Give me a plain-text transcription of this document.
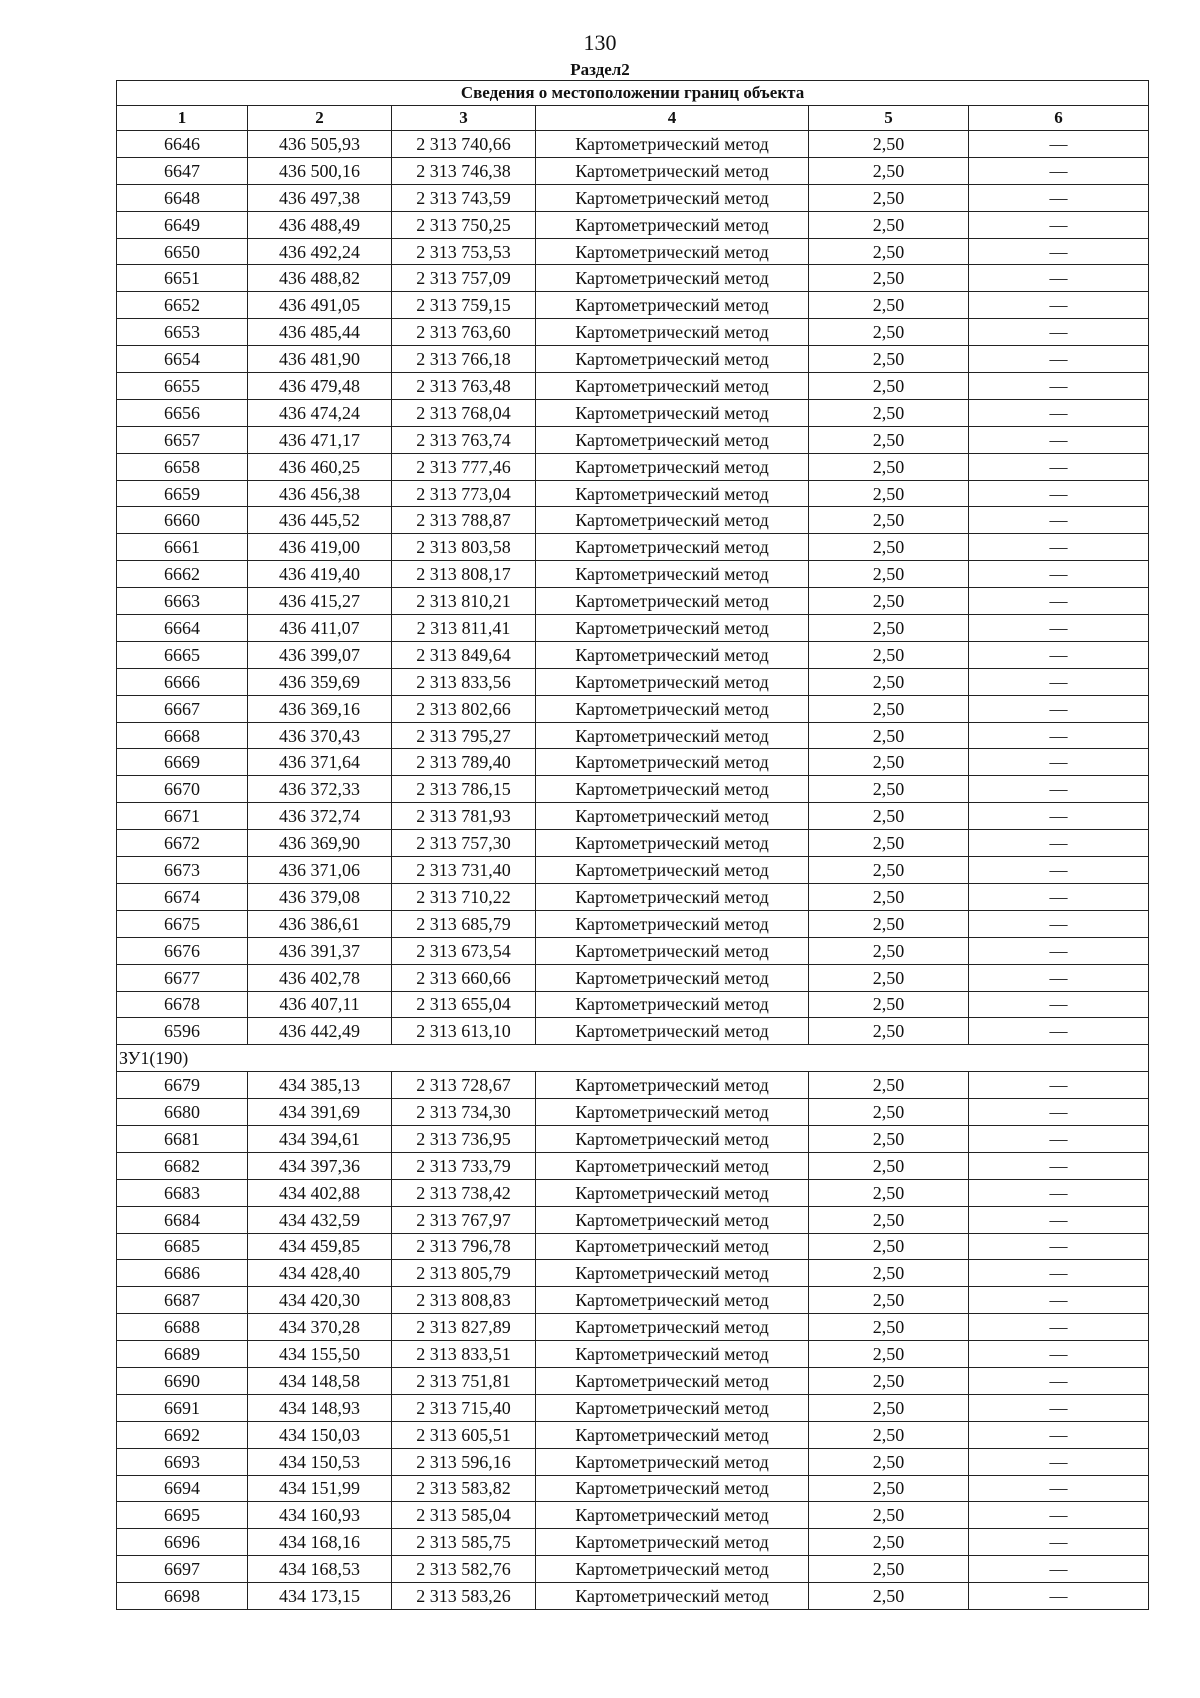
130
Раздел2
Сведения о местоположении границ объекта					
1	2	3	4	5	6
6646	436 505,93	2 313 740,66	Картометрический метод	2,50	—
6647	436 500,16	2 313 746,38	Картометрический метод	2,50	—
6648	436 497,38	2 313 743,59	Картометрический метод	2,50	—
6649	436 488,49	2 313 750,25	Картометрический метод	2,50	—
6650	436 492,24	2 313 753,53	Картометрический метод	2,50	—
6651	436 488,82	2 313 757,09	Картометрический метод	2,50	—
6652	436 491,05	2 313 759,15	Картометрический метод	2,50	—
6653	436 485,44	2 313 763,60	Картометрический метод	2,50	—
6654	436 481,90	2 313 766,18	Картометрический метод	2,50	—
6655	436 479,48	2 313 763,48	Картометрический метод	2,50	—
6656	436 474,24	2 313 768,04	Картометрический метод	2,50	—
6657	436 471,17	2 313 763,74	Картометрический метод	2,50	—
6658	436 460,25	2 313 777,46	Картометрический метод	2,50	—
6659	436 456,38	2 313 773,04	Картометрический метод	2,50	—
6660	436 445,52	2 313 788,87	Картометрический метод	2,50	—
6661	436 419,00	2 313 803,58	Картометрический метод	2,50	—
6662	436 419,40	2 313 808,17	Картометрический метод	2,50	—
6663	436 415,27	2 313 810,21	Картометрический метод	2,50	—
6664	436 411,07	2 313 811,41	Картометрический метод	2,50	—
6665	436 399,07	2 313 849,64	Картометрический метод	2,50	—
6666	436 359,69	2 313 833,56	Картометрический метод	2,50	—
6667	436 369,16	2 313 802,66	Картометрический метод	2,50	—
6668	436 370,43	2 313 795,27	Картометрический метод	2,50	—
6669	436 371,64	2 313 789,40	Картометрический метод	2,50	—
6670	436 372,33	2 313 786,15	Картометрический метод	2,50	—
6671	436 372,74	2 313 781,93	Картометрический метод	2,50	—
6672	436 369,90	2 313 757,30	Картометрический метод	2,50	—
6673	436 371,06	2 313 731,40	Картометрический метод	2,50	—
6674	436 379,08	2 313 710,22	Картометрический метод	2,50	—
6675	436 386,61	2 313 685,79	Картометрический метод	2,50	—
6676	436 391,37	2 313 673,54	Картометрический метод	2,50	—
6677	436 402,78	2 313 660,66	Картометрический метод	2,50	—
6678	436 407,11	2 313 655,04	Картометрический метод	2,50	—
6596	436 442,49	2 313 613,10	Картометрический метод	2,50	—
ЗУ1(190)					
6679	434 385,13	2 313 728,67	Картометрический метод	2,50	—
6680	434 391,69	2 313 734,30	Картометрический метод	2,50	—
6681	434 394,61	2 313 736,95	Картометрический метод	2,50	—
6682	434 397,36	2 313 733,79	Картометрический метод	2,50	—
6683	434 402,88	2 313 738,42	Картометрический метод	2,50	—
6684	434 432,59	2 313 767,97	Картометрический метод	2,50	—
6685	434 459,85	2 313 796,78	Картометрический метод	2,50	—
6686	434 428,40	2 313 805,79	Картометрический метод	2,50	—
6687	434 420,30	2 313 808,83	Картометрический метод	2,50	—
6688	434 370,28	2 313 827,89	Картометрический метод	2,50	—
6689	434 155,50	2 313 833,51	Картометрический метод	2,50	—
6690	434 148,58	2 313 751,81	Картометрический метод	2,50	—
6691	434 148,93	2 313 715,40	Картометрический метод	2,50	—
6692	434 150,03	2 313 605,51	Картометрический метод	2,50	—
6693	434 150,53	2 313 596,16	Картометрический метод	2,50	—
6694	434 151,99	2 313 583,82	Картометрический метод	2,50	—
6695	434 160,93	2 313 585,04	Картометрический метод	2,50	—
6696	434 168,16	2 313 585,75	Картометрический метод	2,50	—
6697	434 168,53	2 313 582,76	Картометрический метод	2,50	—
6698	434 173,15	2 313 583,26	Картометрический метод	2,50	—
